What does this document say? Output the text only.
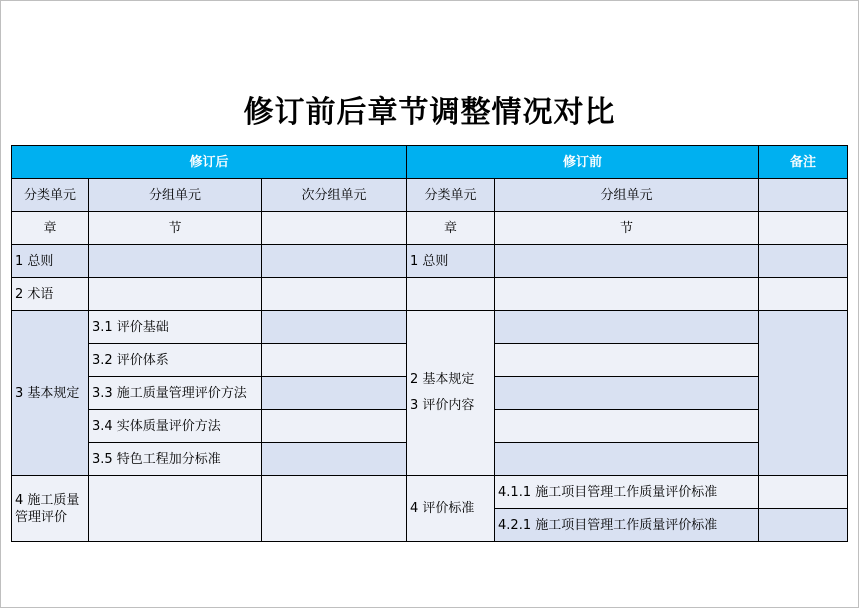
修订前后章节调整情况对比
修订后			修订前		备注
分类单元	分组单元	次分组单元	分类单元	分组单元	
章	节		章	节	
1 总则			1 总则		
2 术语					
3 基本规定	3.1 评价基础		2 基本规定
3 评价内容		

	3.2 评价体系				
	3.3 施工质量管理评价方法				
	3.4 实体质量评价方法				
	3.5 特色工程加分标准				

4 施工质量
管理评价			4 评价标准	4.1.1 施工项目管理工作质量评价标准	
				4.2.1 施工项目管理工作质量评价标准	
